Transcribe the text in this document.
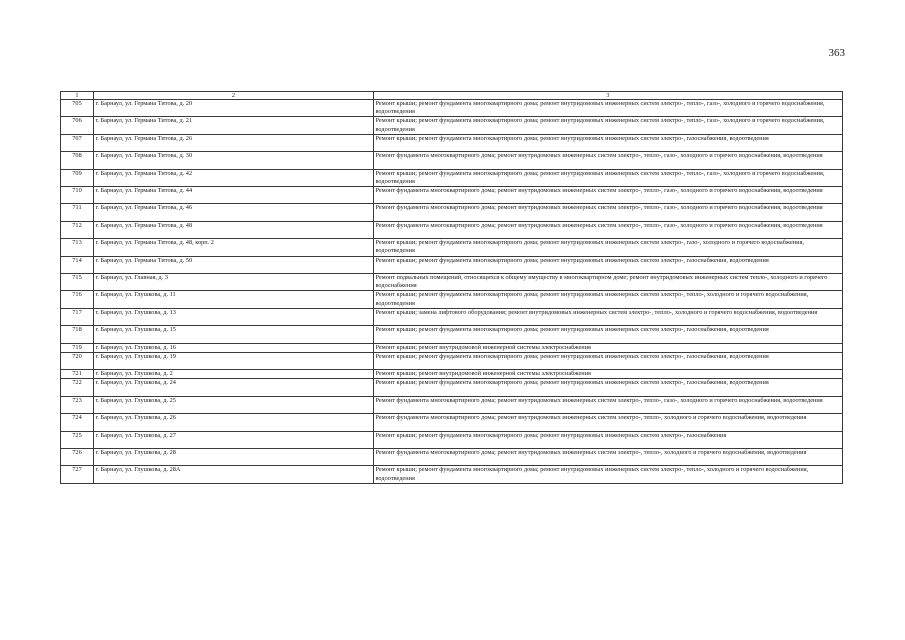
363
1	2	3
705	г. Барнаул, ул. Германа Титова, д. 20	Ремонт крыши; ремонт фундамента многоквартирного дома; ремонт внутридомовых инженерных систем электро-, тепло-, газо-, холодного и горячего водоснабжения, водоотведения
706	г. Барнаул, ул. Германа Титова, д. 21	Ремонт крыши; ремонт фундамента многоквартирного дома; ремонт внутридомовых инженерных систем электро-, тепло-, газо-, холодного и горячего водоснабжения, водоотведения
707	г. Барнаул, ул. Германа Титова, д. 26	Ремонт крыши; ремонт фундамента многоквартирного дома; ремонт внутридомовых инженерных систем электро-, газоснабжения, водоотведения
708	г. Барнаул, ул. Германа Титова, д. 30	Ремонт фундамента многоквартирного дома; ремонт внутридомовых инженерных систем электро-, тепло-, газо-, холодного и горячего водоснабжения, водоотведения
709	г. Барнаул, ул. Германа Титова, д. 42	Ремонт крыши; ремонт фундамента многоквартирного дома; ремонт внутридомовых инженерных систем электро-, тепло-, газо-, холодного и горячего водоснабжения, водоотведения
710	г. Барнаул, ул. Германа Титова, д. 44	Ремонт фундамента многоквартирного дома; ремонт внутридомовых инженерных систем электро-, тепло-, газо-, холодного и горячего водоснабжения, водоотведения
711	г. Барнаул, ул. Германа Титова, д. 46	Ремонт фундамента многоквартирного дома; ремонт внутридомовых инженерных систем электро-, тепло-, газо-, холодного и горячего водоснабжения, водоотведения
712	г. Барнаул, ул. Германа Титова, д. 48	Ремонт фундамента многоквартирного дома; ремонт внутридомовых инженерных систем электро-, тепло-, газо-, холодного и горячего водоснабжения, водоотведения
713	г. Барнаул, ул. Германа Титова, д. 48, корп. 2	Ремонт крыши; ремонт фундамента многоквартирного дома; ремонт внутридомовых инженерных систем электро-, газо-, холодного и горячего водоснабжения, водоотведения
714	г. Барнаул, ул. Германа Титова, д. 50	Ремонт крыши; ремонт фундамента многоквартирного дома; ремонт внутридомовых инженерных систем электро-, газоснабжения, водоотведения
715	г. Барнаул, ул. Главная, д. 3	Ремонт подвальных помещений, относящихся к общему имуществу в многоквартирном доме; ремонт внутридомовых инженерных систем тепло-, холодного и горячего водоснабжения
716	г. Барнаул, ул. Глушкова, д. 11	Ремонт крыши; ремонт фундамента многоквартирного дома; ремонт внутридомовых инженерных систем электро-, тепло-, холодного и горячего водоснабжения, водоотведения
717	г. Барнаул, ул. Глушкова, д. 13	Ремонт крыши; замена лифтового оборудования; ремонт внутридомовых инженерных систем электро-, тепло-, холодного и горячего водоснабжения, водоотведения
718	г. Барнаул, ул. Глушкова, д. 15	Ремонт крыши; ремонт фундамента многоквартирного дома; ремонт внутридомовых инженерных систем электро-, газоснабжения, водоотведения
719	г. Барнаул, ул. Глушкова, д. 16	Ремонт крыши; ремонт внутридомовой инженерной системы электроснабжения
720	г. Барнаул, ул. Глушкова, д. 19	Ремонт крыши; ремонт фундамента многоквартирного дома; ремонт внутридомовых инженерных систем электро-, газоснабжения, водоотведения
721	г. Барнаул, ул. Глушкова, д. 2	Ремонт крыши; ремонт внутридомовой инженерной системы электроснабжения
722	г. Барнаул, ул. Глушкова, д. 24	Ремонт крыши; ремонт фундамента многоквартирного дома; ремонт внутридомовых инженерных систем электро-, газоснабжения, водоотведения
723	г. Барнаул, ул. Глушкова, д. 25	Ремонт фундамента многоквартирного дома; ремонт внутридомовых инженерных систем электро-, тепло-, газо-, холодного и горячего водоснабжения, водоотведения
724	г. Барнаул, ул. Глушкова, д. 26	Ремонт фундамента многоквартирного дома; ремонт внутридомовых инженерных систем электро-, тепло-, холодного и горячего водоснабжения, водоотведения
725	г. Барнаул, ул. Глушкова, д. 27	Ремонт крыши; ремонт фундамента многоквартирного дома; ремонт внутридомовых инженерных систем электро-, газоснабжения
726	г. Барнаул, ул. Глушкова, д. 28	Ремонт фундамента многоквартирного дома; ремонт внутридомовых инженерных систем электро-, тепло-, холодного и горячего водоснабжения, водоотведения
727	г. Барнаул, ул. Глушкова, д. 28А	Ремонт крыши; ремонт фундамента многоквартирного дома; ремонт внутридомовых инженерных систем электро-, тепло-, холодного и горячего водоснабжения, водоотведения
